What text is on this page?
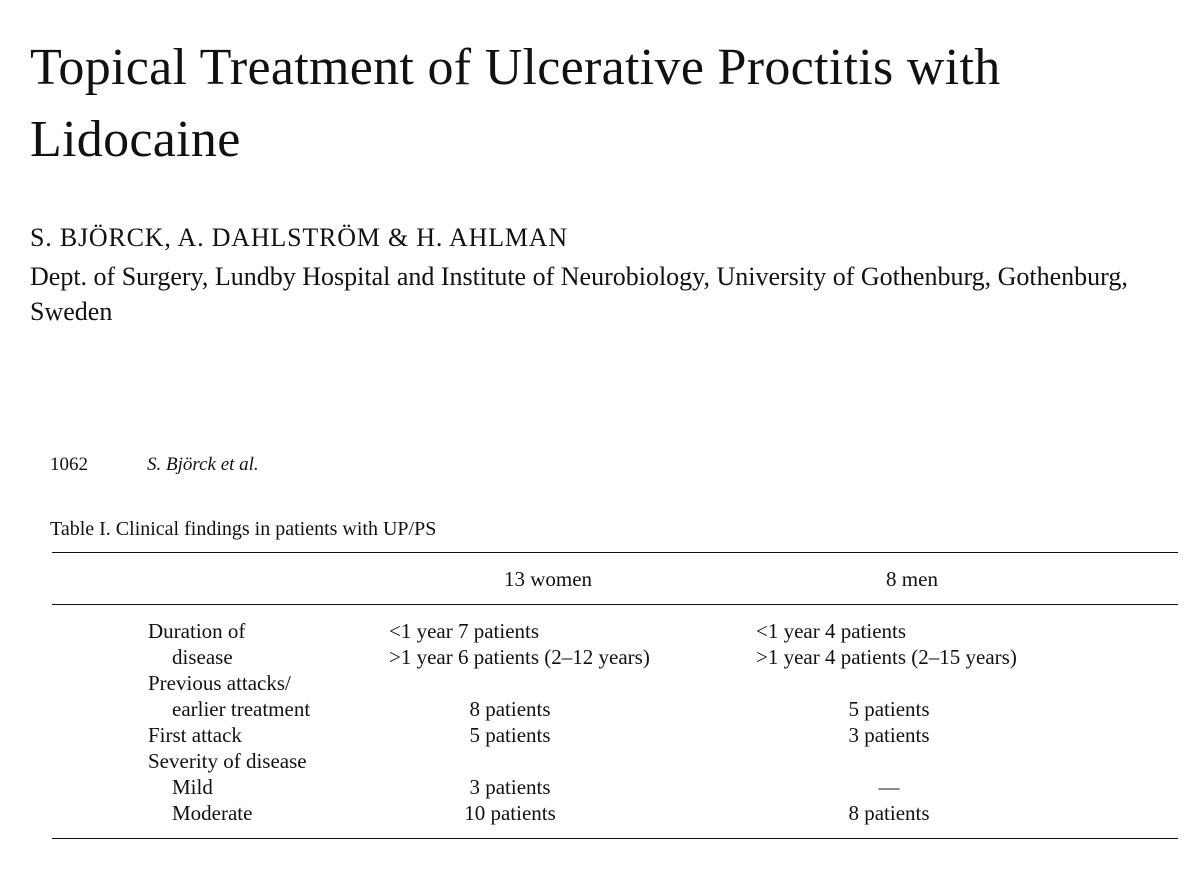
Topical Treatment of Ulcerative Proctitis with Lidocaine
S. BJÖRCK, A. DAHLSTRÖM & H. AHLMAN
Dept. of Surgery, Lundby Hospital and Institute of Neurobiology, University of Gothenburg, Gothenburg, Sweden
1062	S. Björck et al.
Table I. Clinical findings in patients with UP/PS
13 women	8 men
Duration of	<1 year 7 patients	<1 year 4 patients
disease	>1 year 6 patients (2–12 years)	>1 year 4 patients (2–15 years)
Previous attacks/
earlier treatment	8 patients	5 patients
First attack	5 patients	3 patients
Severity of disease
Mild	3 patients	—
Moderate	10 patients	8 patients
